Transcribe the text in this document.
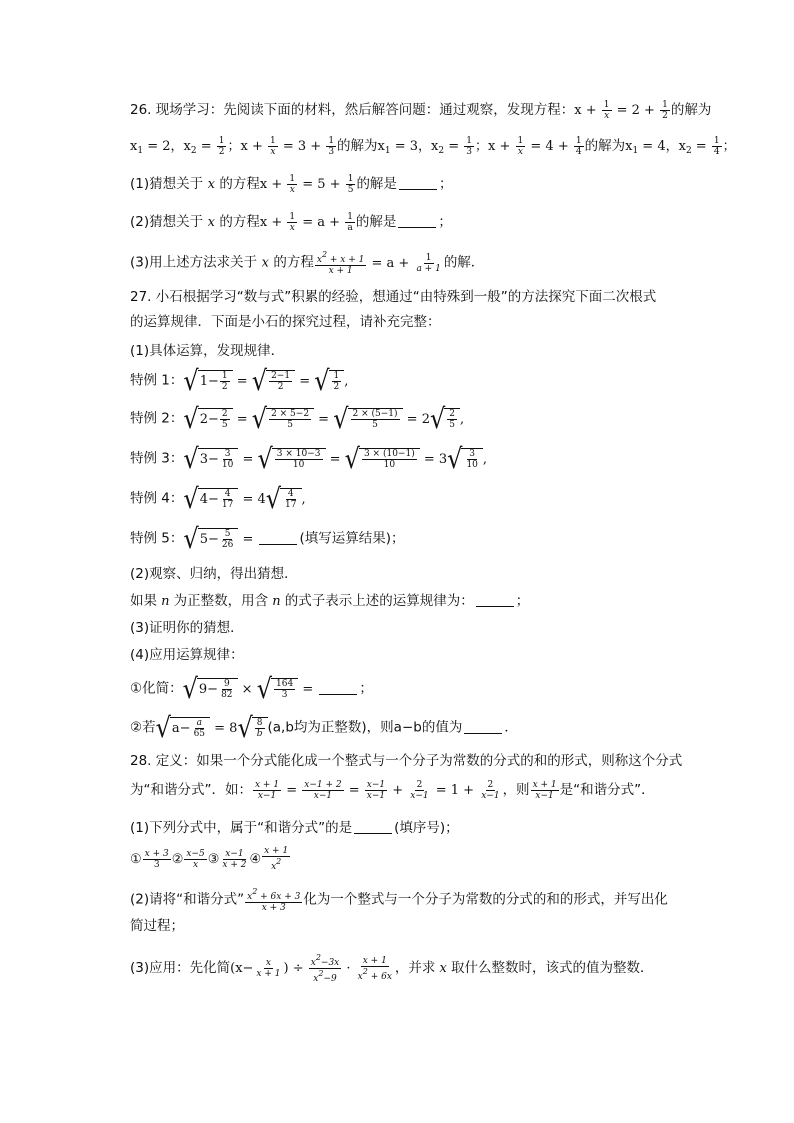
26. 现场学习：先阅读下面的材料，然后解答问题：通过观察，发现方程：$x + \frac{1}{x} = 2 + \frac{1}{2}$ 的解为
$x_1 = 2$，$x_2 = \frac{1}{2}$ ；$x + \frac{1}{x} = 3 + \frac{1}{3}$ 的解为$x_1 = 3$，$x_2 = \frac{1}{3}$ ；$x + \frac{1}{x} = 4 + \frac{1}{4}$ 的解为$x_1 = 4$，$x_2 = \frac{1}{4}$ ；
(1)猜想关于 x 的方程$x + \frac{1}{x} = 5 + \frac{1}{5}$ 的解是	；
(2)猜想关于 x 的方程$x + \frac{1}{x} = a + \frac{1}{a}$ 的解是	；
(3)用上述方法求关于 x 的方程 $\frac{x2 + x + 1}{x + 1} = a + \frac{1}{a + 1}$ 的解．
27. 小石根据学习“数与式”积累的经验，想通过“由特殊到一般”的方法探究下面二次根式
的运算规律．下面是小石的探究过程，请补充完整：
(1)具体运算，发现规律．
特例 1： √ $1- \frac{1}{2}$ = √ $\frac{2-1}{2}$ = √ $\frac{1}{2}$ ,
特例 2： √ $2- \frac{2}{5}$ = √ $\frac{2 \times 5-2}{5}$ = √ $\frac{2 \times (5-1)}{5} = 2$ √ $\frac{2}{5}$ ,
特例 3： √ $3- \frac{3}{10}$ = √ $\frac{3 \times 10-3}{10}$ = √ $\frac{3 \times (10-1)}{10} = 3$ √ $\frac{3}{10}$ ,
特例 4： √ $4- \frac{4}{17} = 4$ √ $\frac{4}{17}$ ,
特例 5： √ $5- \frac{5}{26}$ =	(填写运算结果)；
(2)观察、归纳，得出猜想．
如果 n 为正整数，用含 n 的式子表示上述的运算规律为：	；
(3)证明你的猜想．
(4)应用运算规律：
①化简： √ $9- \frac{9}{82}$ × √ $\frac{164}{3}$ =	；
②若 √ $a- \frac{a}{65} = 8$ √ $\frac{8}{b} (a,b$均为正整数)，则a−b的值为	．
28. 定义：如果一个分式能化成一个整式与一个分子为常数的分式的和的形式，则称这个分式
为“和谐分式”．如： $\frac{x + 1}{x-1} = \frac{x-1 + 2}{x-1} = \frac{x-1}{x-1} + \frac{2}{x-1} = 1 + \frac{2}{x-1}$ ，则 $\frac{x + 1}{x-1}$ 是“和谐分式”．
(1)下列分式中，属于“和谐分式”的是	(填序号)；
① $\frac{x + 3}{3}$ ② $\frac{x-5}{x}$ ③ $\frac{x-1}{x + 2}$ ④ $\frac{x + 1}{x2}$
(2)请将“和谐分式” $\frac{x2 + 6x + 3}{x + 3}$ 化为一个整式与一个分子为常数的分式的和的形式，并写出化
简过程；
(3)应用：先化简($x- \frac{x}{x + 1}$ ) ÷ $\frac{x2-3x}{x2-9} \cdot \frac{x + 1}{x2 + 6x}$ ，并求 x 取什么整数时，该式的值为整数．
